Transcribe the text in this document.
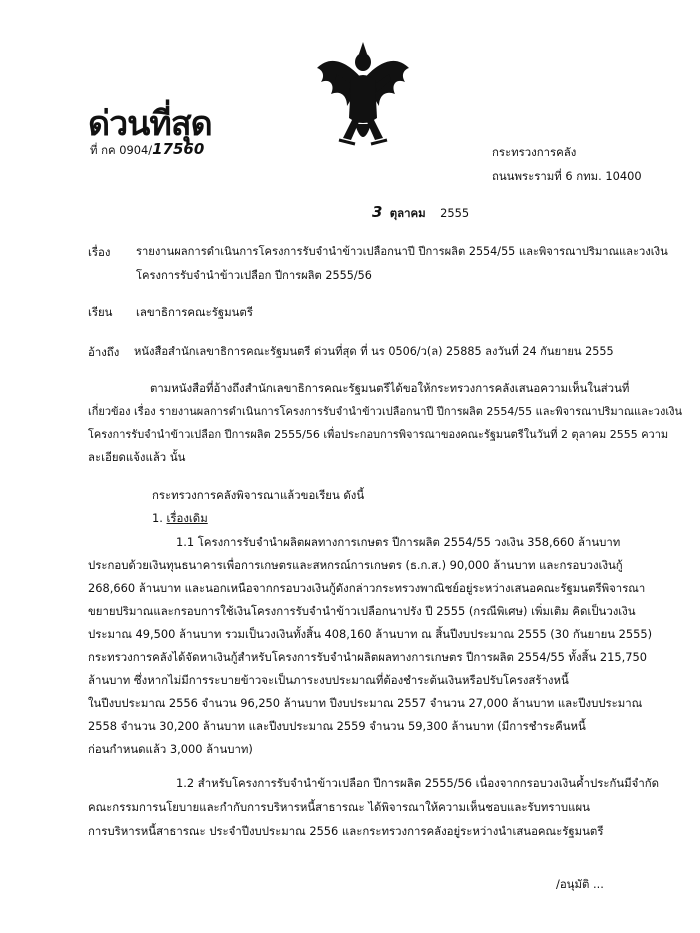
ด่วนที่สุด
ที่ กค 0904/17560	กระทรวงการคลัง
ถนนพระรามที่ 6 กทม. 10400
3 ตุลาคม 2555
เรื่อง รายงานผลการดำเนินการโครงการรับจำนำข้าวเปลือกนาปี ปีการผลิต 2554/55 และพิจารณาปริมาณและวงเงิน
โครงการรับจำนำข้าวเปลือก ปีการผลิต 2555/56
เรียน เลขาธิการคณะรัฐมนตรี
อ้างถึง หนังสือสำนักเลขาธิการคณะรัฐมนตรี ด่วนที่สุด ที่ นร 0506/ว(ล) 25885 ลงวันที่ 24 กันยายน 2555
ตามหนังสือที่อ้างถึงสำนักเลขาธิการคณะรัฐมนตรีได้ขอให้กระทรวงการคลังเสนอความเห็นในส่วนที่
เกี่ยวข้อง เรื่อง รายงานผลการดำเนินการโครงการรับจำนำข้าวเปลือกนาปี ปีการผลิต 2554/55 และพิจารณาปริมาณและวงเงิน
โครงการรับจำนำข้าวเปลือก ปีการผลิต 2555/56 เพื่อประกอบการพิจารณาของคณะรัฐมนตรีในวันที่ 2 ตุลาคม 2555 ความ
ละเอียดแจ้งแล้ว นั้น
กระทรวงการคลังพิจารณาแล้วขอเรียน ดังนี้
1. เรื่องเดิม
1.1 โครงการรับจำนำผลิตผลทางการเกษตร ปีการผลิต 2554/55 วงเงิน 358,660 ล้านบาท
ประกอบด้วยเงินทุนธนาคารเพื่อการเกษตรและสหกรณ์การเกษตร (ธ.ก.ส.) 90,000 ล้านบาท และกรอบวงเงินกู้
268,660 ล้านบาท และนอกเหนือจากกรอบวงเงินกู้ดังกล่าวกระทรวงพาณิชย์อยู่ระหว่างเสนอคณะรัฐมนตรีพิจารณา
ขยายปริมาณและกรอบการใช้เงินโครงการรับจำนำข้าวเปลือกนาปรัง ปี 2555 (กรณีพิเศษ) เพิ่มเติม คิดเป็นวงเงิน
ประมาณ 49,500 ล้านบาท รวมเป็นวงเงินทั้งสิ้น 408,160 ล้านบาท ณ สิ้นปีงบประมาณ 2555 (30 กันยายน 2555)
กระทรวงการคลังได้จัดหาเงินกู้สำหรับโครงการรับจำนำผลิตผลทางการเกษตร ปีการผลิต 2554/55 ทั้งสิ้น 215,750
ล้านบาท ซึ่งหากไม่มีการระบายข้าวจะเป็นภาระงบประมาณที่ต้องชำระต้นเงินหรือปรับโครงสร้างหนี้
ในปีงบประมาณ 2556 จำนวน 96,250 ล้านบาท ปีงบประมาณ 2557 จำนวน 27,000 ล้านบาท และปีงบประมาณ
2558 จำนวน 30,200 ล้านบาท และปีงบประมาณ 2559 จำนวน 59,300 ล้านบาท (มีการชำระคืนหนี้
ก่อนกำหนดแล้ว 3,000 ล้านบาท)
1.2 สำหรับโครงการรับจำนำข้าวเปลือก ปีการผลิต 2555/56 เนื่องจากกรอบวงเงินค้ำประกันมีจำกัด
คณะกรรมการนโยบายและกำกับการบริหารหนี้สาธารณะ ได้พิจารณาให้ความเห็นชอบและรับทราบแผน
การบริหารหนี้สาธารณะ ประจำปีงบประมาณ 2556 และกระทรวงการคลังอยู่ระหว่างนำเสนอคณะรัฐมนตรี
/อนุมัติ ...
